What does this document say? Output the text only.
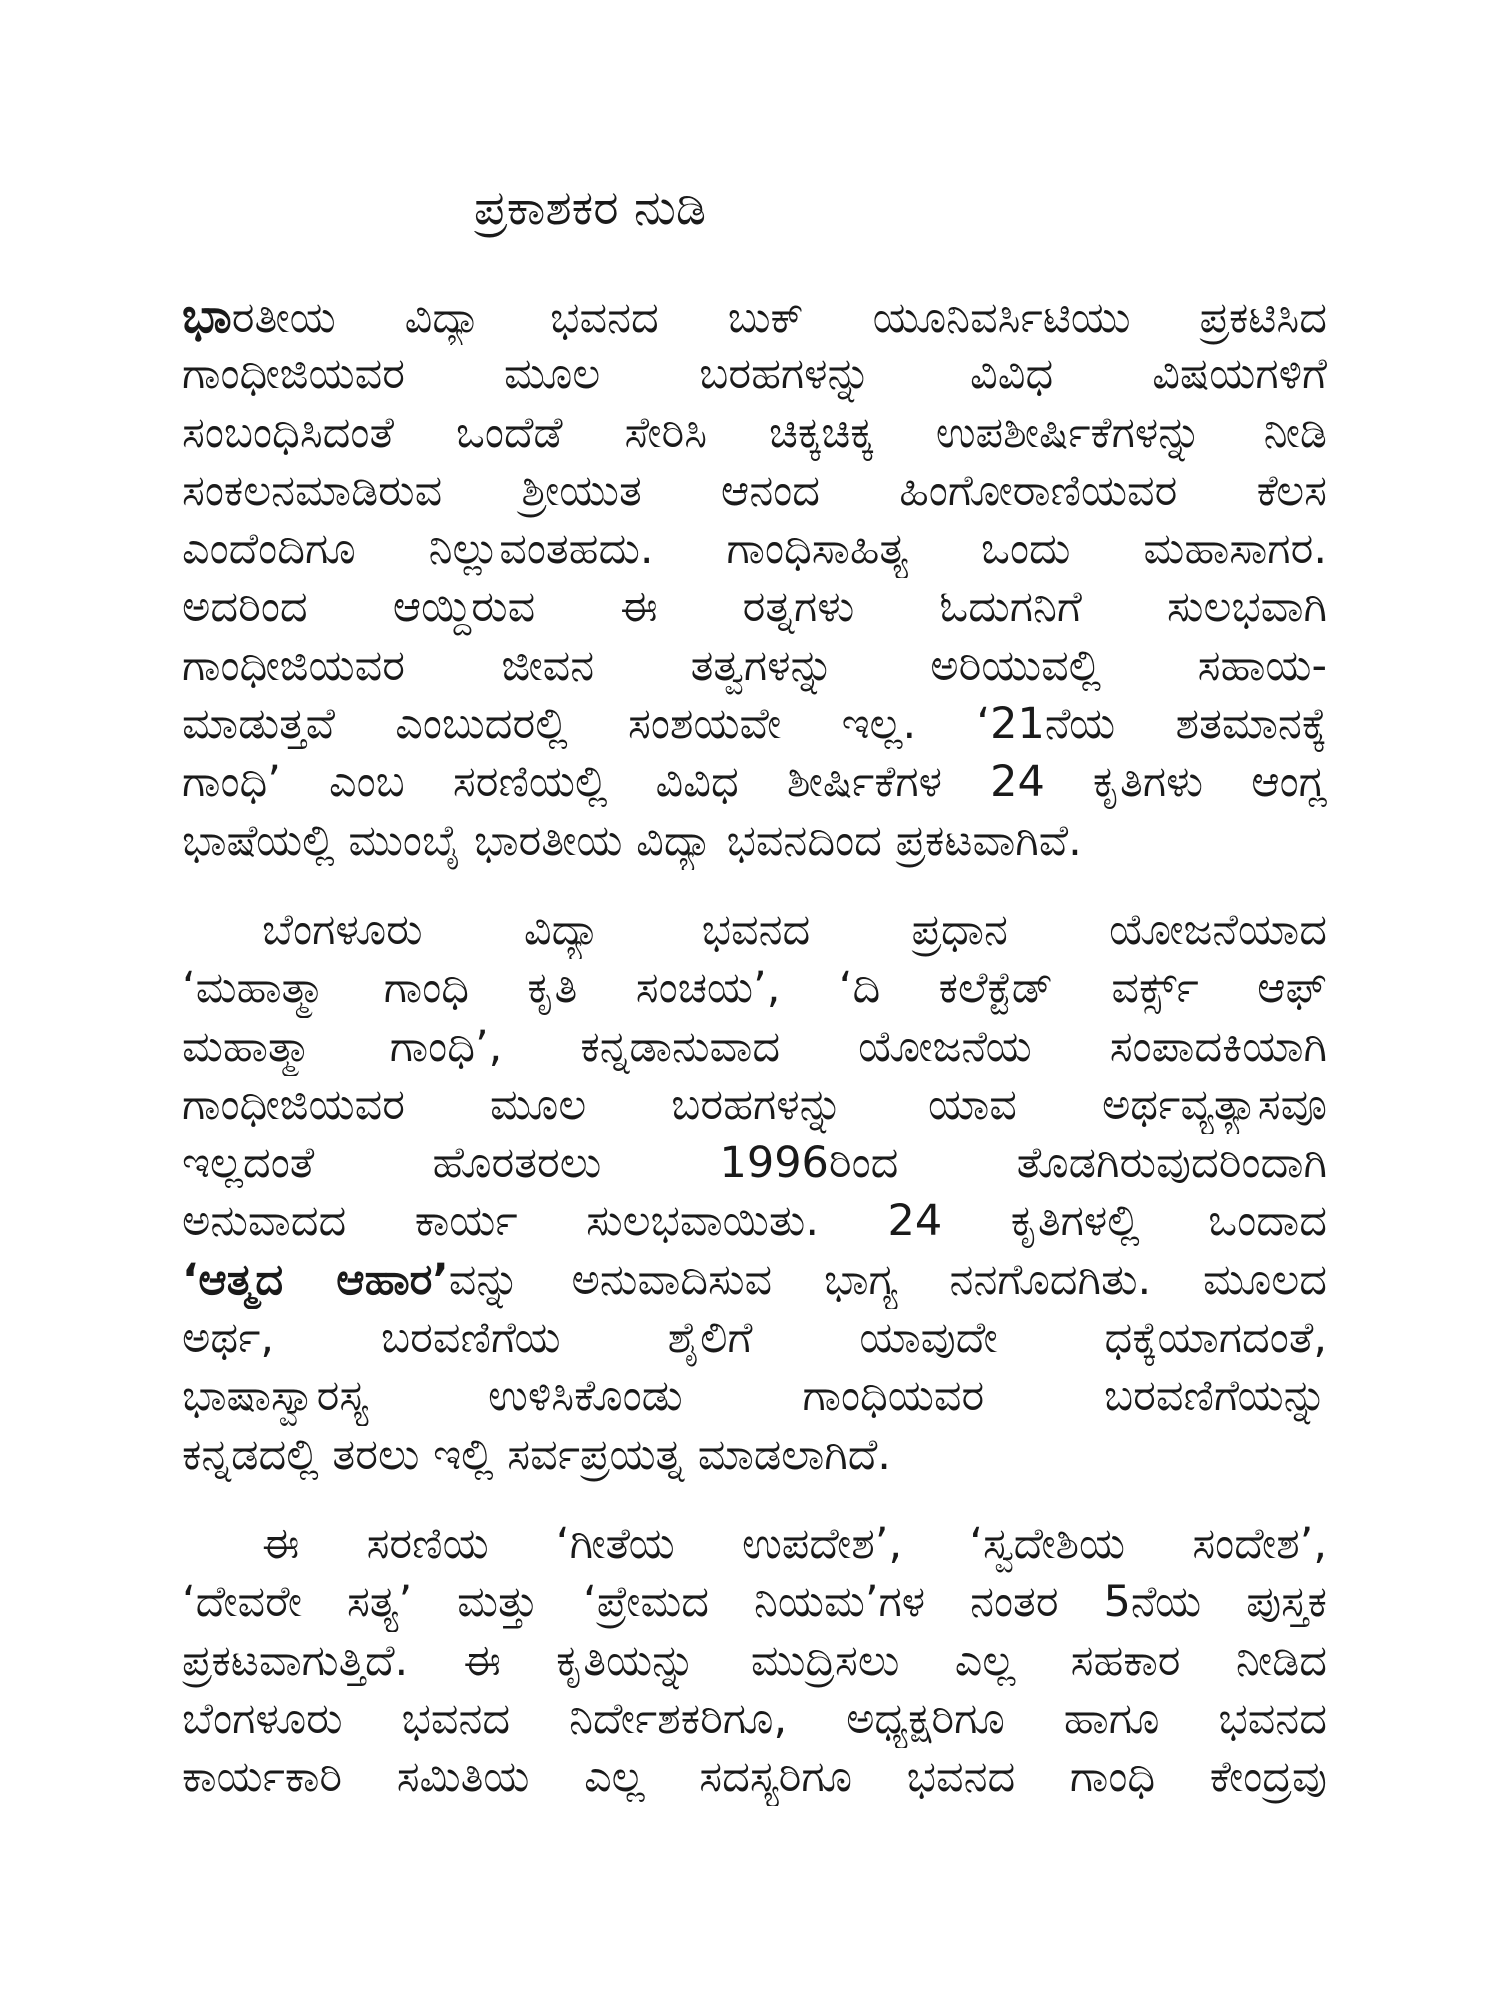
ಪ್ರಕಾಶಕರ ನುಡಿ
ಭಾರತೀಯ ವಿದ್ಯಾ ಭವನದ ಬುಕ್ ಯೂನಿವರ್ಸಿಟಿಯು ಪ್ರಕಟಿಸಿದ
ಗಾಂಧೀಜಿಯವರ ಮೂಲ ಬರಹಗಳನ್ನು ವಿವಿಧ ವಿಷಯಗಳಿಗೆ
ಸಂಬಂಧಿಸಿದಂತೆ ಒಂದೆಡೆ ಸೇರಿಸಿ ಚಿಕ್ಕಚಿಕ್ಕ ಉಪಶೀರ್ಷಿಕೆಗಳನ್ನು ನೀಡಿ
ಸಂಕಲನಮಾಡಿರುವ ಶ್ರೀಯುತ ಆನಂದ ಹಿಂಗೋರಾಣಿಯವರ ಕೆಲಸ
ಎಂದೆಂದಿಗೂ ನಿಲ್ಲುವಂತಹದು. ಗಾಂಧಿಸಾಹಿತ್ಯ ಒಂದು ಮಹಾಸಾಗರ.
ಅದರಿಂದ ಆಯ್ದಿರುವ ಈ ರತ್ನಗಳು ಓದುಗನಿಗೆ ಸುಲಭವಾಗಿ
ಗಾಂಧೀಜಿಯವರ ಜೀವನ ತತ್ವಗಳನ್ನು ಅರಿಯುವಲ್ಲಿ ಸಹಾಯ-
ಮಾಡುತ್ತವೆ ಎಂಬುದರಲ್ಲಿ ಸಂಶಯವೇ ಇಲ್ಲ. ‘21ನೆಯ ಶತಮಾನಕ್ಕೆ
ಗಾಂಧಿ’ ಎಂಬ ಸರಣಿಯಲ್ಲಿ ವಿವಿಧ ಶೀರ್ಷಿಕೆಗಳ 24 ಕೃತಿಗಳು ಆಂಗ್ಲ
ಭಾಷೆಯಲ್ಲಿ ಮುಂಬೈ ಭಾರತೀಯ ವಿದ್ಯಾ ಭವನದಿಂದ ಪ್ರಕಟವಾಗಿವೆ.
ಬೆಂಗಳೂರು ವಿದ್ಯಾ ಭವನದ ಪ್ರಧಾನ ಯೋಜನೆಯಾದ
‘ಮಹಾತ್ಮಾ ಗಾಂಧಿ ಕೃತಿ ಸಂಚಯ’, ‘ದಿ ಕಲೆಕ್ಟೆಡ್ ವರ್ಕ್ಸ್ ಆಫ್
ಮಹಾತ್ಮಾ ಗಾಂಧಿ’, ಕನ್ನಡಾನುವಾದ ಯೋಜನೆಯ ಸಂಪಾದಕಿಯಾಗಿ
ಗಾಂಧೀಜಿಯವರ ಮೂಲ ಬರಹಗಳನ್ನು ಯಾವ ಅರ್ಥವ್ಯತ್ಯಾಸವೂ
ಇಲ್ಲದಂತೆ ಹೊರತರಲು 1996ರಿಂದ ತೊಡಗಿರುವುದರಿಂದಾಗಿ
ಅನುವಾದದ ಕಾರ್ಯ ಸುಲಭವಾಯಿತು. 24 ಕೃತಿಗಳಲ್ಲಿ ಒಂದಾದ
‘ಆತ್ಮದ ಆಹಾರ’ವನ್ನು ಅನುವಾದಿಸುವ ಭಾಗ್ಯ ನನಗೊದಗಿತು. ಮೂಲದ
ಅರ್ಥ, ಬರವಣಿಗೆಯ ಶೈಲಿಗೆ ಯಾವುದೇ ಧಕ್ಕೆಯಾಗದಂತೆ,
ಭಾಷಾಸ್ವಾರಸ್ಯ ಉಳಿಸಿಕೊಂಡು ಗಾಂಧಿಯವರ ಬರವಣಿಗೆಯನ್ನು
ಕನ್ನಡದಲ್ಲಿ ತರಲು ಇಲ್ಲಿ ಸರ್ವಪ್ರಯತ್ನ ಮಾಡಲಾಗಿದೆ.
ಈ ಸರಣಿಯ ‘ಗೀತೆಯ ಉಪದೇಶ’, ‘ಸ್ವದೇಶಿಯ ಸಂದೇಶ’,
‘ದೇವರೇ ಸತ್ಯ’ ಮತ್ತು ‘ಪ್ರೇಮದ ನಿಯಮ’ಗಳ ನಂತರ 5ನೆಯ ಪುಸ್ತಕ
ಪ್ರಕಟವಾಗುತ್ತಿದೆ. ಈ ಕೃತಿಯನ್ನು ಮುದ್ರಿಸಲು ಎಲ್ಲ ಸಹಕಾರ ನೀಡಿದ
ಬೆಂಗಳೂರು ಭವನದ ನಿರ್ದೇಶಕರಿಗೂ, ಅಧ್ಯಕ್ಷರಿಗೂ ಹಾಗೂ ಭವನದ
ಕಾರ್ಯಕಾರಿ ಸಮಿತಿಯ ಎಲ್ಲ ಸದಸ್ಯರಿಗೂ ಭವನದ ಗಾಂಧಿ ಕೇಂದ್ರವು
